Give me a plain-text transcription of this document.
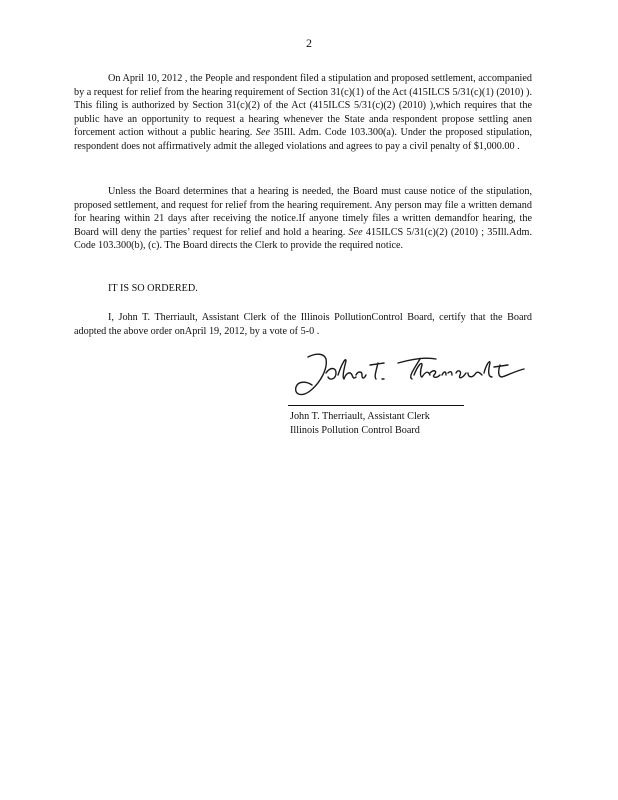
2

On April 10, 2012 , the People and respondent filed a stipulation and proposed settlement, accompanied by a request for relief from the hearing requirement of Section 31(c)(1) of the Act (415ILCS 5/31(c)(1) (2010) ). This filing is authorized by Section 31(c)(2) of the Act (415ILCS 5/31(c)(2) (2010) ),which requires that the public have an opportunity to request a hearing whenever the State anda respondent propose settling anen forcement action without a public hearing. See 35Ill. Adm. Code 103.300(a). Under the proposed stipulation, respondent does not affirmatively admit the alleged violations and agrees to pay a civil penalty of $1,000.00 .

Unless the Board determines that a hearing is needed, the Board must cause notice of the stipulation, proposed settlement, and request for relief from the hearing requirement. Any person may file a written demand for hearing within 21 days after receiving the notice.If anyone timely files a written demandfor hearing, the Board will deny the parties’ request for relief and hold a hearing. See 415ILCS 5/31(c)(2) (2010) ; 35Ill.Adm. Code 103.300(b), (c). The Board directs the Clerk to provide the required notice.

IT IS SO ORDERED.

I, John T. Therriault, Assistant Clerk of the Illinois PollutionControl Board, certify that the Board adopted the above order onApril 19, 2012, by a vote of 5-0 .

John T. Therriault, Assistant Clerk
Illinois Pollution Control Board
